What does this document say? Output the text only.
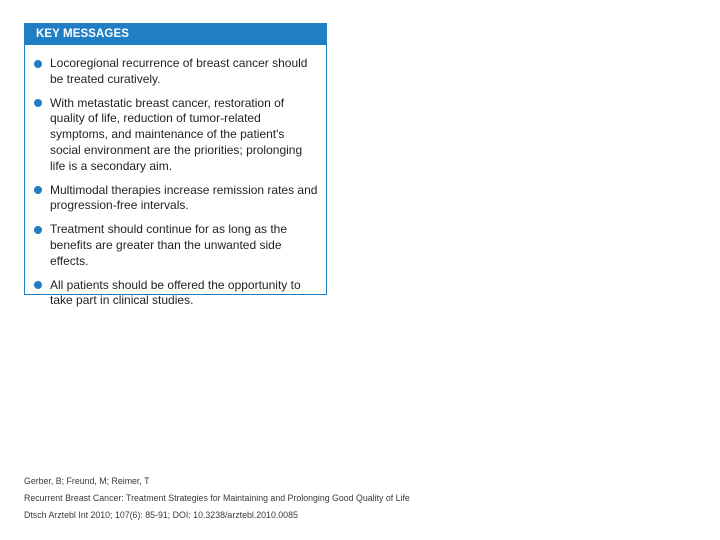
KEY MESSAGES
Locoregional recurrence of breast cancer should be treated curatively.
With metastatic breast cancer, restoration of quality of life, reduction of tumor-related symptoms, and maintenance of the patient's social environment are the priorities; prolonging life is a secondary aim.
Multimodal therapies increase remission rates and progression-free intervals.
Treatment should continue for as long as the benefits are greater than the unwanted side effects.
All patients should be offered the opportunity to take part in clinical studies.
Gerber, B; Freund, M; Reimer, T
Recurrent Breast Cancer: Treatment Strategies for Maintaining and Prolonging Good Quality of Life
Dtsch Arztebl Int 2010; 107(6): 85-91; DOI: 10.3238/arztebl.2010.0085
